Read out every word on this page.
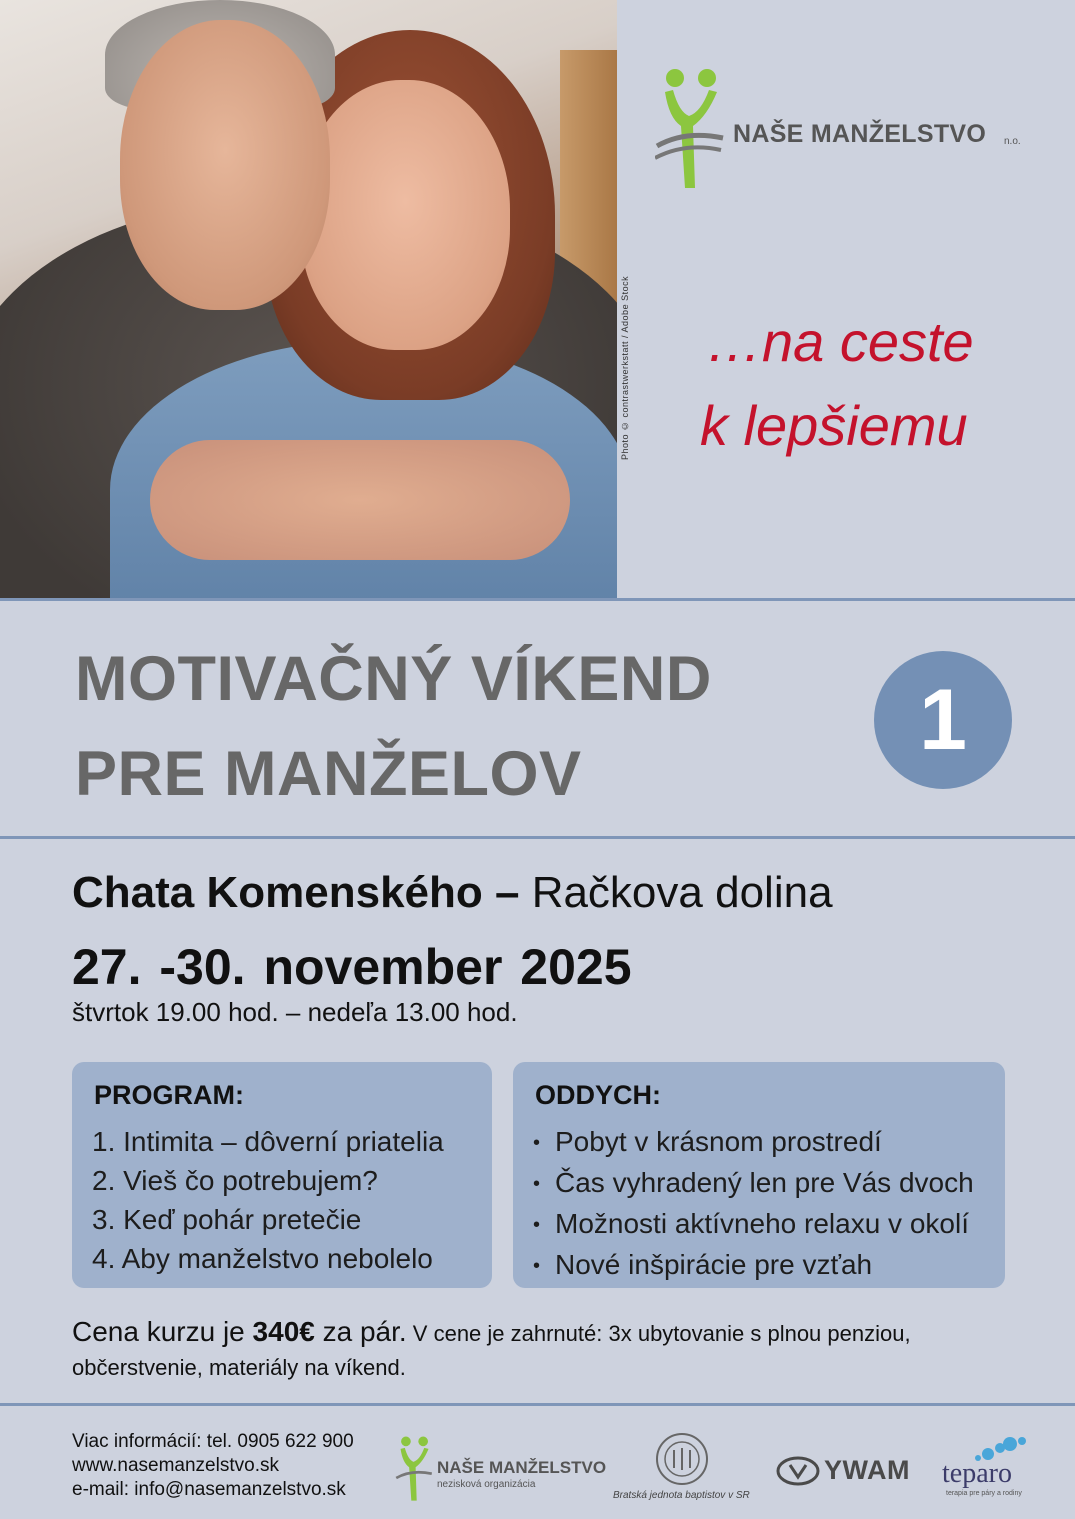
Photo © contrastwerkstatt / Adobe Stock
NAŠE MANŽELSTVO n.o.
…na ceste
k lepšiemu
MOTIVAČNÝ VÍKEND
PRE MANŽELOV
1
Chata Komenského – Račkova dolina
27. -30. november 2025
štvrtok 19.00 hod. – nedeľa 13.00 hod.
PROGRAM:
1. Intimita – dôverní priatelia
2. Vieš čo potrebujem?
3. Keď pohár pretečie
4. Aby manželstvo nebolelo
ODDYCH:
• Pobyt v krásnom prostredí
• Čas vyhradený len pre Vás dvoch
• Možnosti aktívneho relaxu v okolí
• Nové inšpirácie pre vzťah
Cena kurzu je 340€ za pár. V cene je zahrnuté: 3x ubytovanie s plnou penziou,
občerstvenie, materiály na víkend.
Viac informácií: tel. 0905 622 900
www.nasemanzelstvo.sk
e-mail: info@nasemanzelstvo.sk
NAŠE MANŽELSTVO
nezisková organizácia
Bratská jednota baptistov v SR
YWAM teparo
terapia pre páry a rodiny
